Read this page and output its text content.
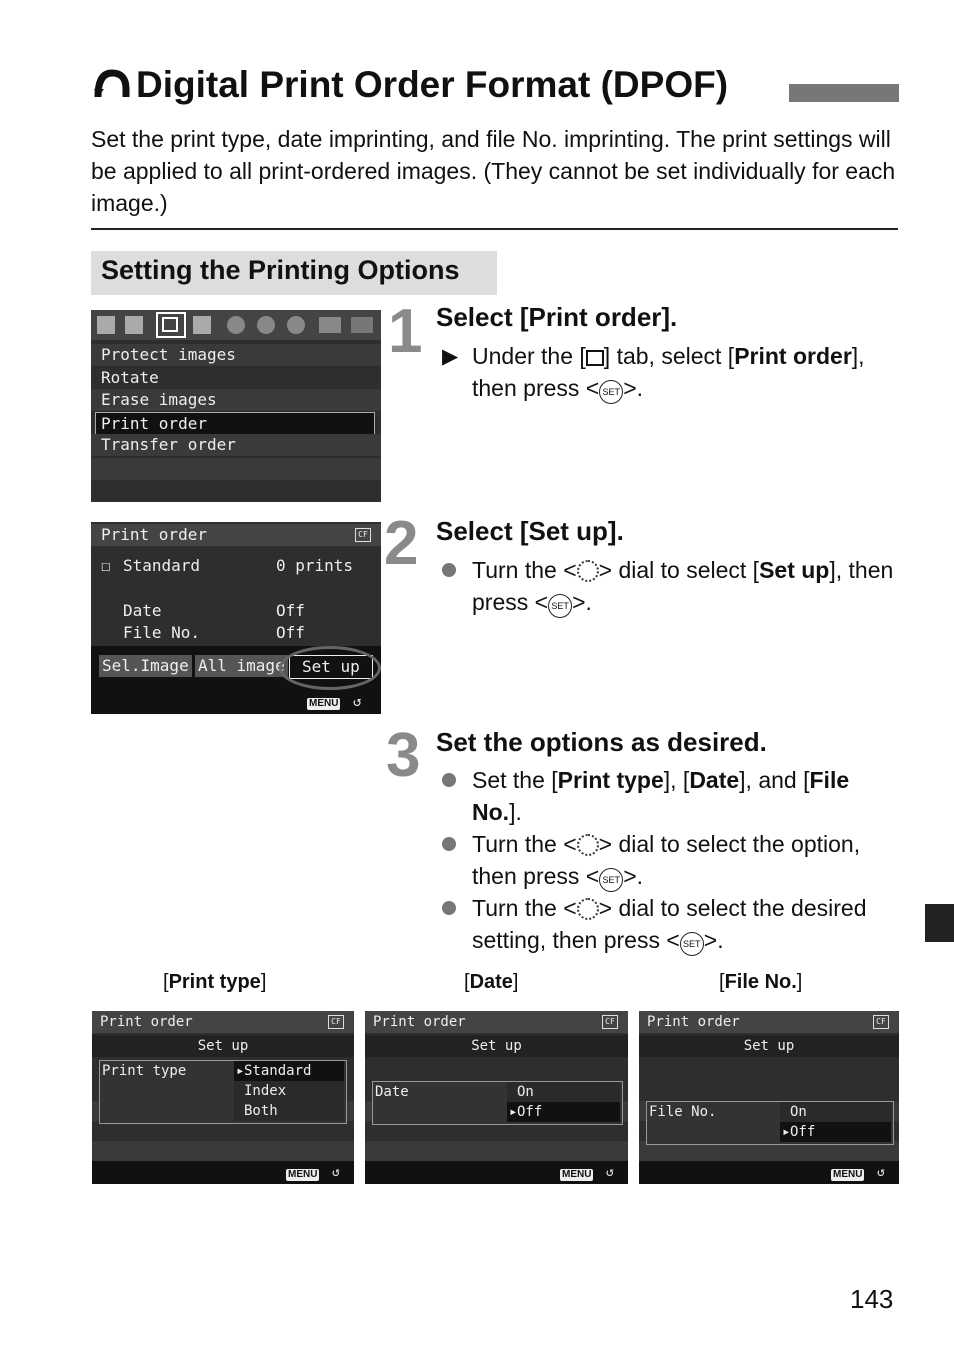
Digital Print Order Format (DPOF)
Set the print type, date imprinting, and file No. imprinting. The print settings will be applied to all print-ordered images. (They cannot be set individually for each image.)
Setting the Printing Options
Protect images
Rotate
Erase images
Print order
Transfer order
1 Select [Print order].
▶ Under the [ ] tab, select [Print order], then press < SET >.
Print order	CF
☐ Standard	0 prints
Date	Off
File No.	Off
Sel.Image All image	Set up
MENU ↺
2 Select [Set up].
Turn the < > dial to select [Set up], then press < SET >.
3 Set the options as desired.
Set the [Print type], [Date], and [File No.].
Turn the < > dial to select the option, then press < SET >.
Turn the < > dial to select the desired setting, then press < SET >.
[Print type]	[Date]	[File No.]
Print order	CF
Set up
Print type	▸ Standard
Index
Both
MENU ↺
Print order	CF
Set up
Date	On
▸ Off
MENU ↺
Print order	CF
Set up
File No.	On
▸ Off
MENU ↺
143
